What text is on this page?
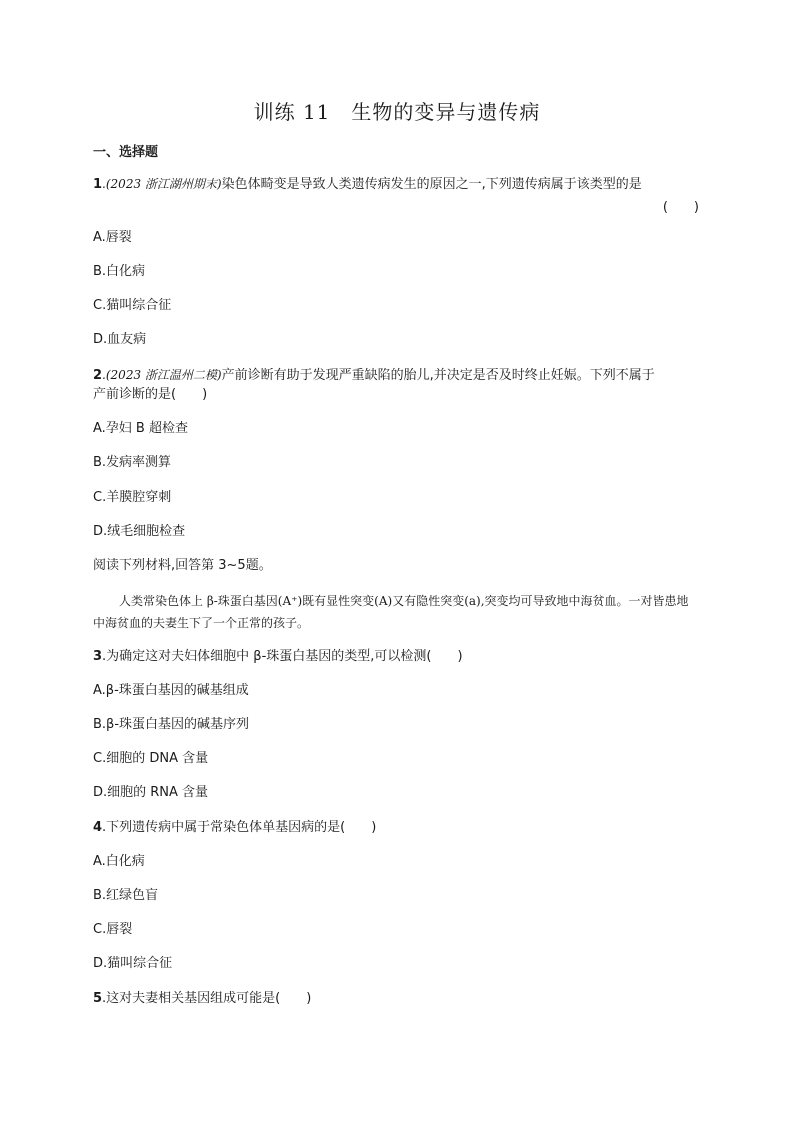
训练 11　生物的变异与遗传病
一、选择题
1.(2023 浙江湖州期末)染色体畸变是导致人类遗传病发生的原因之一,下列遗传病属于该类型的是
(　　)
A.唇裂
B.白化病
C.猫叫综合征
D.血友病
2.(2023 浙江温州二模)产前诊断有助于发现严重缺陷的胎儿,并决定是否及时终止妊娠。下列不属于
产前诊断的是(　　)
A.孕妇 B 超检查
B.发病率测算
C.羊膜腔穿刺
D.绒毛细胞检查
阅读下列材料,回答第 3~5题。
人类常染色体上 β-珠蛋白基因(A⁺)既有显性突变(A)又有隐性突变(a),突变均可导致地中海贫血。一对皆患地中海贫血的夫妻生下了一个正常的孩子。
3.为确定这对夫妇体细胞中 β-珠蛋白基因的类型,可以检测(　　)
A.β-珠蛋白基因的碱基组成
B.β-珠蛋白基因的碱基序列
C.细胞的 DNA 含量
D.细胞的 RNA 含量
4.下列遗传病中属于常染色体单基因病的是(　　)
A.白化病
B.红绿色盲
C.唇裂
D.猫叫综合征
5.这对夫妻相关基因组成可能是(　　)
